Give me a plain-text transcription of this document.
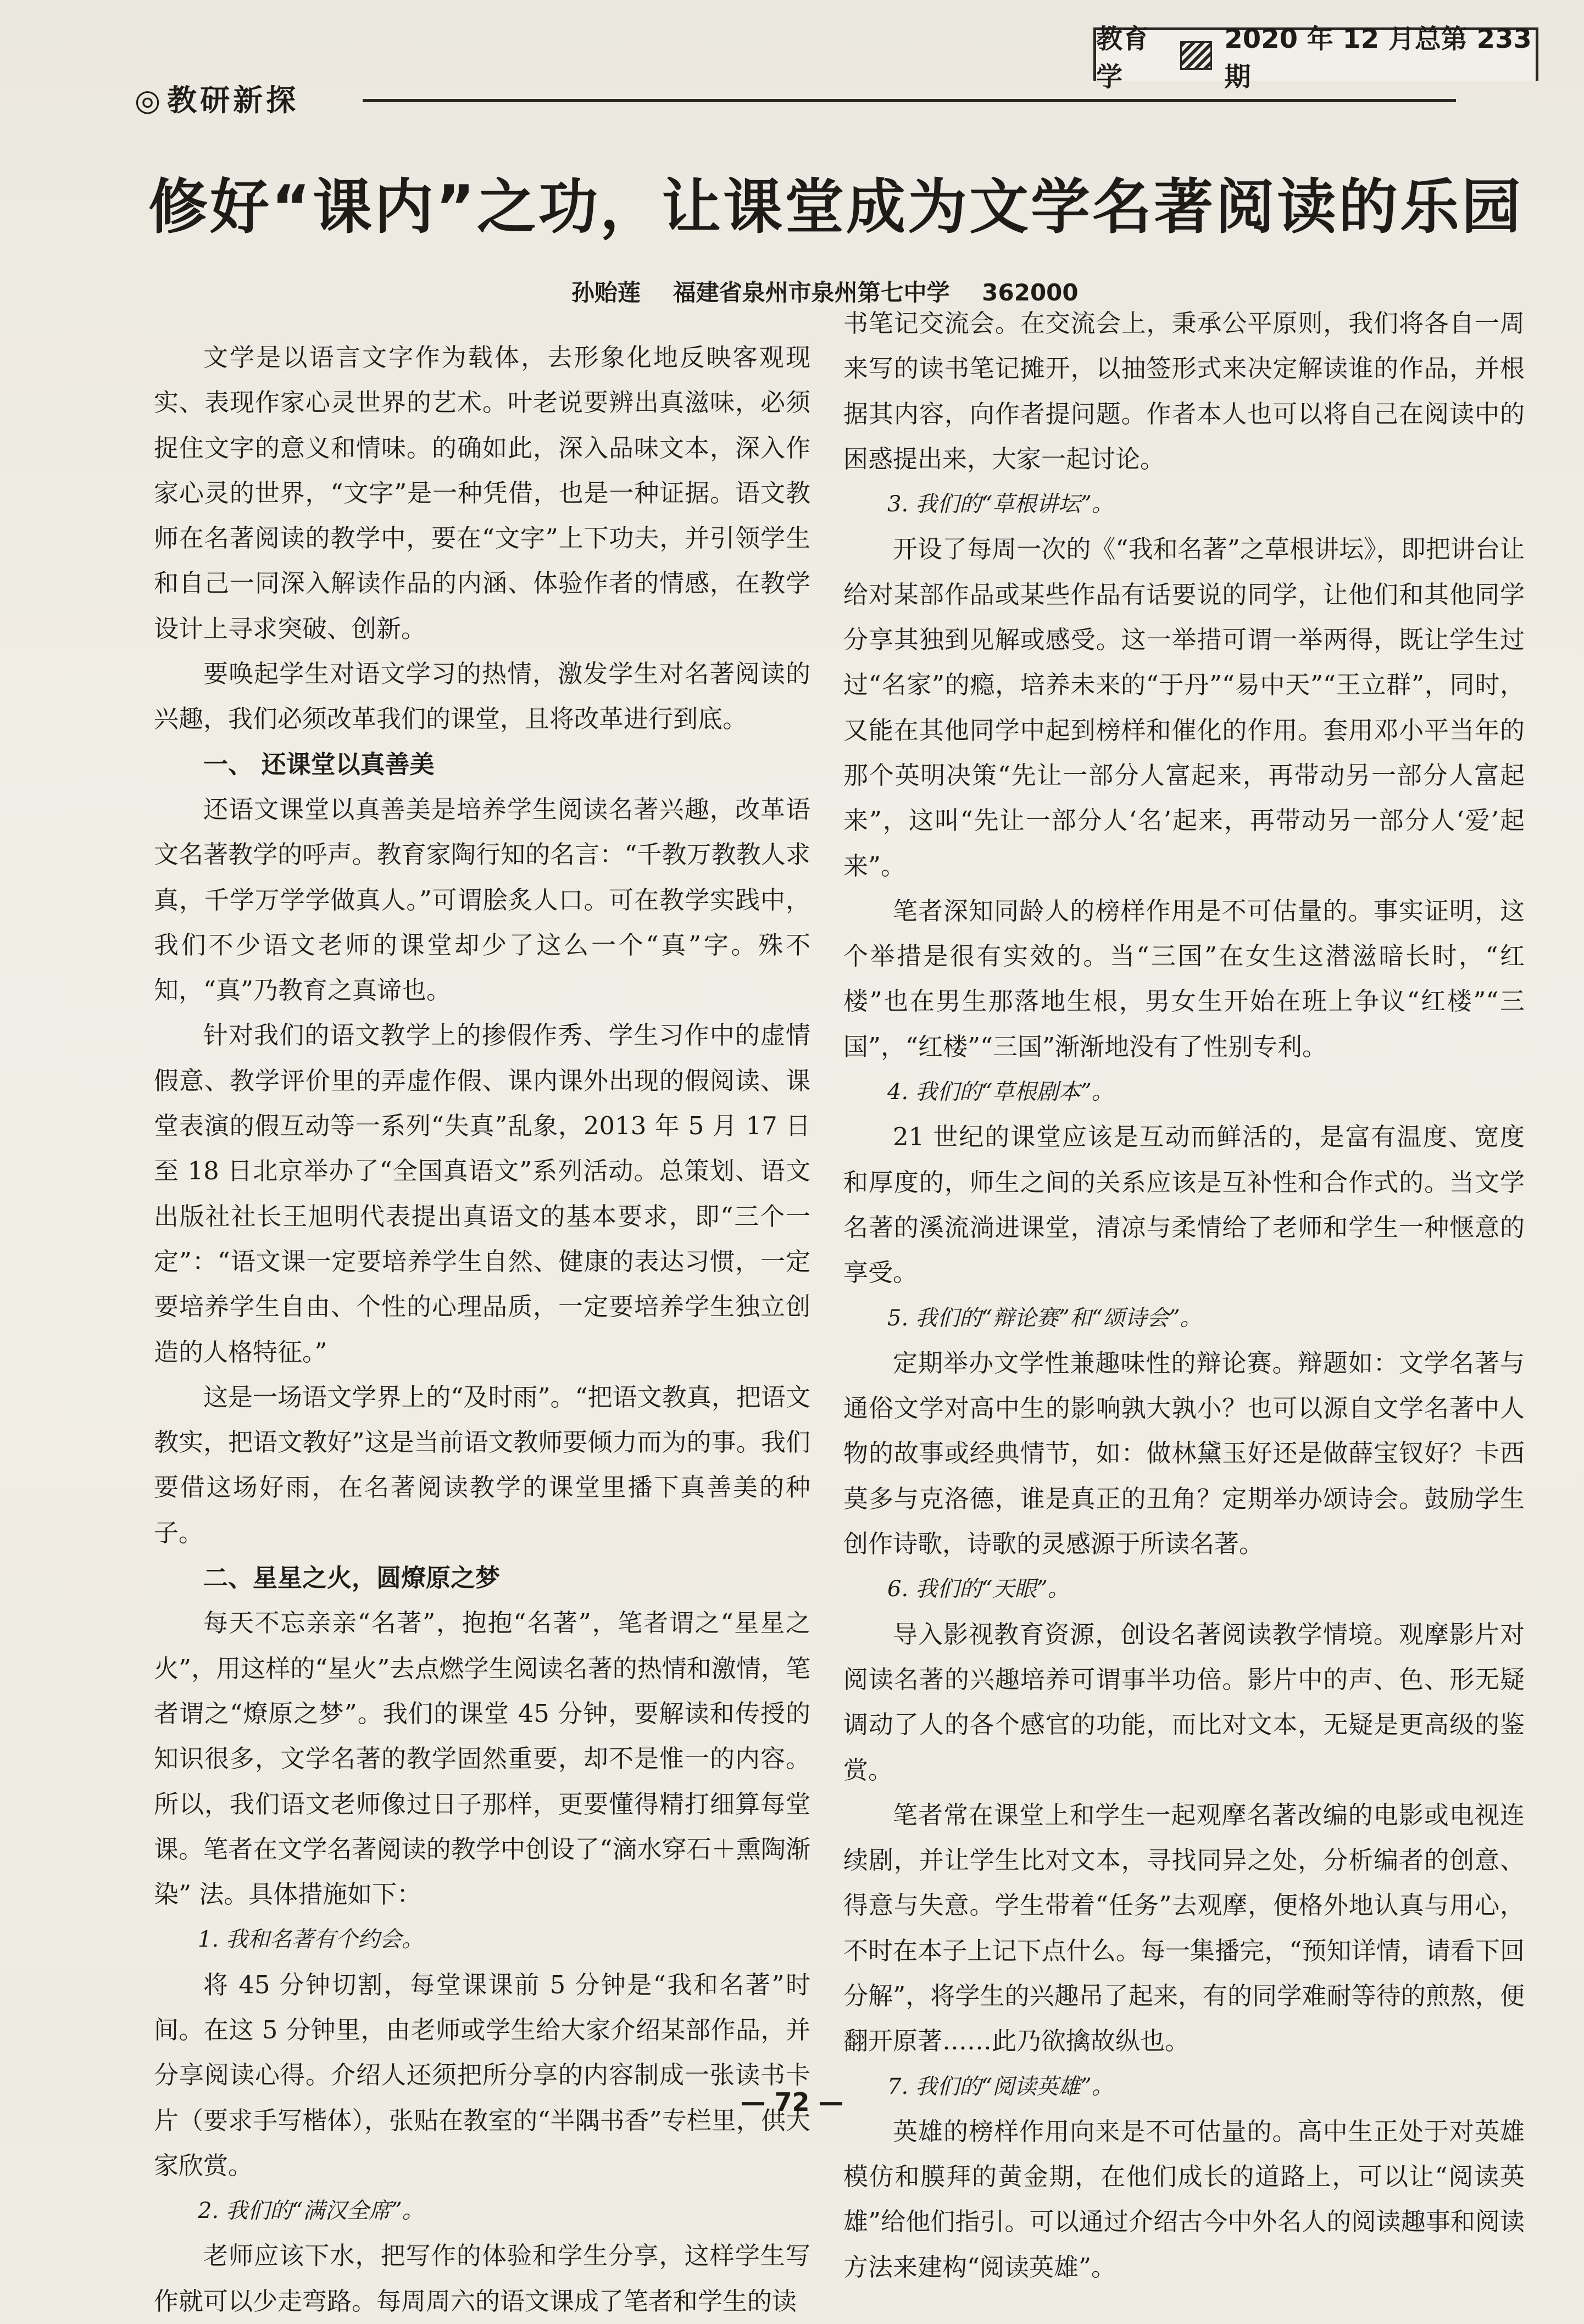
◎ 教研新探
教育学
2020 年 12 月总第 233 期
修好“课内”之功，让课堂成为文学名著阅读的乐园
孙贻莲 福建省泉州市泉州第七中学 362000

文学是以语言文字作为载体，去形象化地反映客观现实、表现作家心灵世界的艺术。叶老说要辨出真滋味，必须捉住文字的意义和情味。的确如此，深入品味文本，深入作家心灵的世界，“文字”是一种凭借，也是一种证据。语文教师在名著阅读的教学中，要在“文字”上下功夫，并引领学生和自己一同深入解读作品的内涵、体验作者的情感，在教学设计上寻求突破、创新。

要唤起学生对语文学习的热情，激发学生对名著阅读的兴趣，我们必须改革我们的课堂，且将改革进行到底。

一、 还课堂以真善美

还语文课堂以真善美是培养学生阅读名著兴趣，改革语文名著教学的呼声。教育家陶行知的名言：“千教万教教人求真，千学万学学做真人。”可谓脍炙人口。可在教学实践中，我们不少语文老师的课堂却少了这么一个“真”字。殊不知，“真”乃教育之真谛也。

针对我们的语文教学上的掺假作秀、学生习作中的虚情假意、教学评价里的弄虚作假、课内课外出现的假阅读、课堂表演的假互动等一系列“失真”乱象，2013 年 5 月 17 日至 18 日北京举办了“全国真语文”系列活动。总策划、语文出版社社长王旭明代表提出真语文的基本要求，即“三个一定”：“语文课一定要培养学生自然、健康的表达习惯，一定要培养学生自由、个性的心理品质，一定要培养学生独立创造的人格特征。”

这是一场语文学界上的“及时雨”。“把语文教真，把语文教实，把语文教好”这是当前语文教师要倾力而为的事。我们要借这场好雨，在名著阅读教学的课堂里播下真善美的种子。

二、星星之火，圆燎原之梦

每天不忘亲亲“名著”，抱抱“名著”，笔者谓之“星星之火”，用这样的“星火”去点燃学生阅读名著的热情和激情，笔者谓之“燎原之梦”。我们的课堂 45 分钟，要解读和传授的知识很多，文学名著的教学固然重要，却不是惟一的内容。所以，我们语文老师像过日子那样，更要懂得精打细算每堂课。笔者在文学名著阅读的教学中创设了“滴水穿石＋熏陶渐染” 法。具体措施如下：

1. 我和名著有个约会。

将 45 分钟切割，每堂课课前 5 分钟是“我和名著”时间。在这 5 分钟里，由老师或学生给大家介绍某部作品，并分享阅读心得。介绍人还须把所分享的内容制成一张读书卡片（要求手写楷体），张贴在教室的“半隅书香”专栏里，供大家欣赏。

2. 我们的“满汉全席”。

老师应该下水，把写作的体验和学生分享，这样学生写作就可以少走弯路。每周周六的语文课成了笔者和学生的读

书笔记交流会。在交流会上，秉承公平原则，我们将各自一周来写的读书笔记摊开，以抽签形式来决定解读谁的作品，并根据其内容，向作者提问题。作者本人也可以将自己在阅读中的困惑提出来，大家一起讨论。

3. 我们的“草根讲坛”。

开设了每周一次的《“我和名著”之草根讲坛》，即把讲台让给对某部作品或某些作品有话要说的同学，让他们和其他同学分享其独到见解或感受。这一举措可谓一举两得，既让学生过过“名家”的瘾，培养未来的“于丹”“易中天”“王立群”，同时，又能在其他同学中起到榜样和催化的作用。套用邓小平当年的那个英明决策“先让一部分人富起来，再带动另一部分人富起来”，这叫“先让一部分人‘名’起来，再带动另一部分人‘爱’起来”。

笔者深知同龄人的榜样作用是不可估量的。事实证明，这个举措是很有实效的。当“三国”在女生这潜滋暗长时，“红楼”也在男生那落地生根，男女生开始在班上争议“红楼”“三国”，“红楼”“三国”渐渐地没有了性别专利。

4. 我们的“草根剧本”。

21 世纪的课堂应该是互动而鲜活的，是富有温度、宽度和厚度的，师生之间的关系应该是互补性和合作式的。当文学名著的溪流淌进课堂，清凉与柔情给了老师和学生一种惬意的享受。

5. 我们的“辩论赛”和“颂诗会”。

定期举办文学性兼趣味性的辩论赛。辩题如：文学名著与通俗文学对高中生的影响孰大孰小？也可以源自文学名著中人物的故事或经典情节，如：做林黛玉好还是做薛宝钗好？卡西莫多与克洛德，谁是真正的丑角？定期举办颂诗会。鼓励学生创作诗歌，诗歌的灵感源于所读名著。

6. 我们的“天眼”。

导入影视教育资源，创设名著阅读教学情境。观摩影片对阅读名著的兴趣培养可谓事半功倍。影片中的声、色、形无疑调动了人的各个感官的功能，而比对文本，无疑是更高级的鉴赏。

笔者常在课堂上和学生一起观摩名著改编的电影或电视连续剧，并让学生比对文本，寻找同异之处，分析编者的创意、得意与失意。学生带着“任务”去观摩，便格外地认真与用心，不时在本子上记下点什么。每一集播完，“预知详情，请看下回分解”，将学生的兴趣吊了起来，有的同学难耐等待的煎熬，便翻开原著……此乃欲擒故纵也。

7. 我们的“阅读英雄”。

英雄的榜样作用向来是不可估量的。高中生正处于对英雄模仿和膜拜的黄金期，在他们成长的道路上，可以让“阅读英雄”给他们指引。可以通过介绍古今中外名人的阅读趣事和阅读方法来建构“阅读英雄”。

— 72 —
